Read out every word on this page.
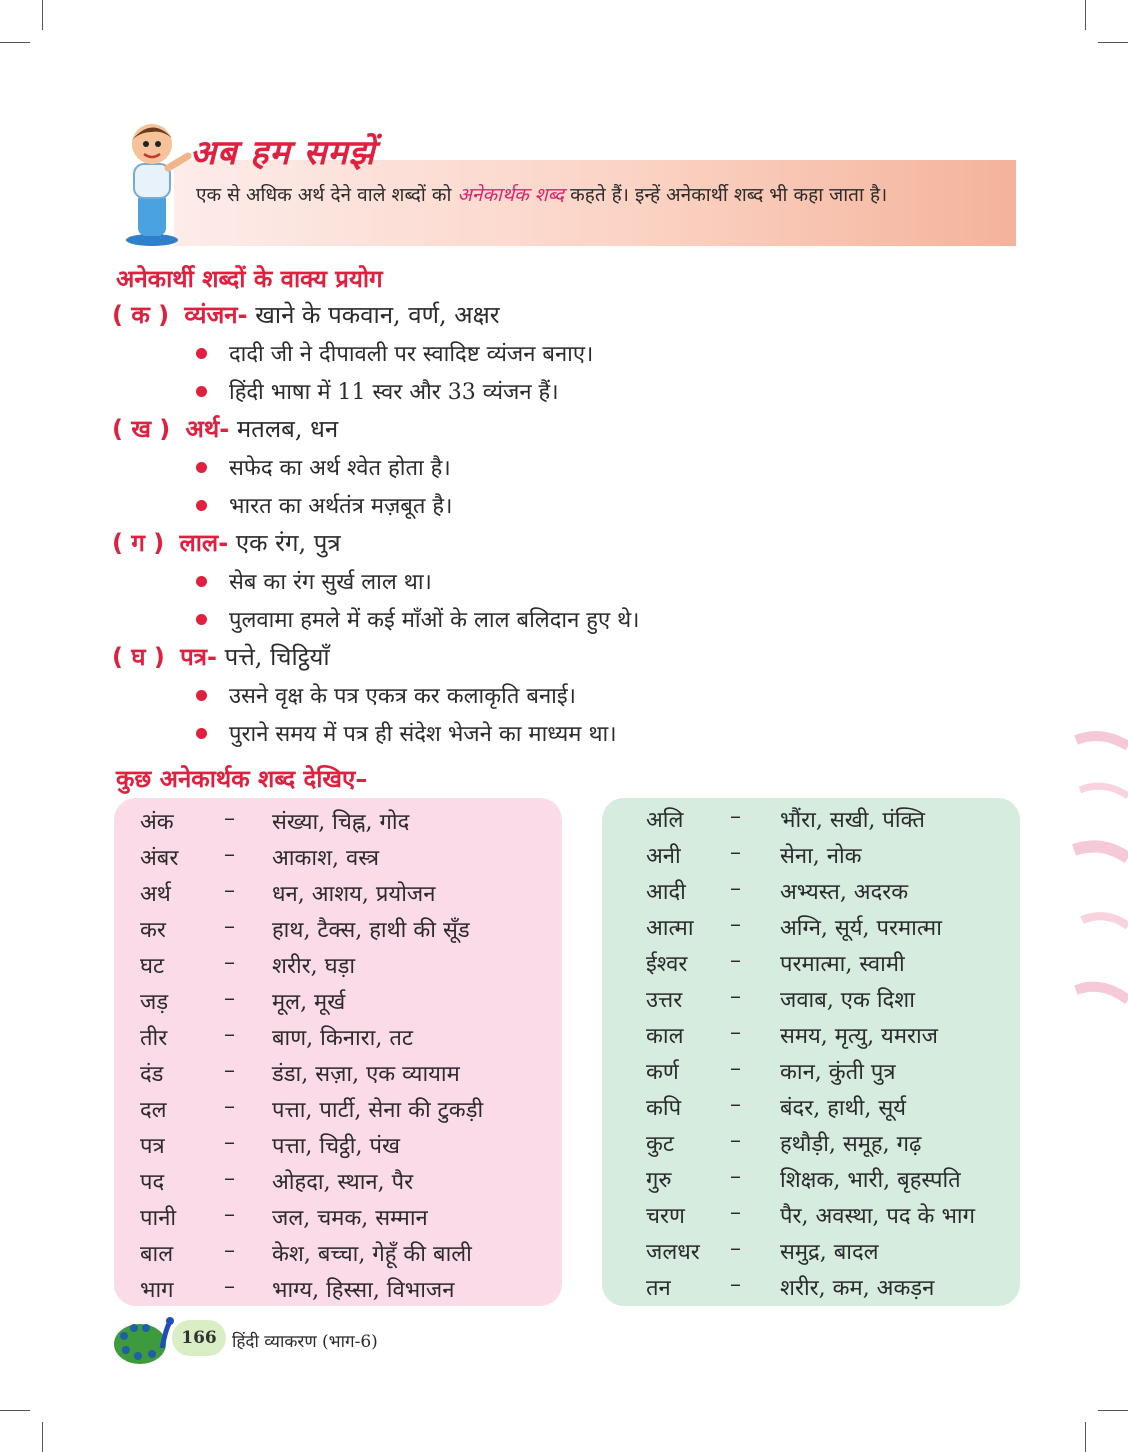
अब हम समझें
एक से अधिक अर्थ देने वाले शब्दों को अनेकार्थक शब्द कहते हैं। इन्हें अनेकार्थी शब्द भी कहा जाता है।
अनेकार्थी शब्दों के वाक्य प्रयोग
( क ) व्यंजन- खाने के पकवान, वर्ण, अक्षर
दादी जी ने दीपावली पर स्वादिष्ट व्यंजन बनाए।
हिंदी भाषा में 11 स्वर और 33 व्यंजन हैं।
( ख ) अर्थ- मतलब, धन
सफेद का अर्थ श्वेत होता है।
भारत का अर्थतंत्र मज़बूत है।
( ग ) लाल- एक रंग, पुत्र
सेब का रंग सुर्ख लाल था।
पुलवामा हमले में कई माँओं के लाल बलिदान हुए थे।
( घ ) पत्र- पत्ते, चिट्ठियाँ
उसने वृक्ष के पत्र एकत्र कर कलाकृति बनाई।
पुराने समय में पत्र ही संदेश भेजने का माध्यम था।
कुछ अनेकार्थक शब्द देखिए–
अंक – संख्या, चिह्न, गोद
अंबर – आकाश, वस्त्र
अर्थ – धन, आशय, प्रयोजन
कर	– हाथ, टैक्स, हाथी की सूँड
घट	– शरीर, घड़ा
जड़	– मूल, मूर्ख
तीर	– बाण, किनारा, तट
दंड	– डंडा, सज़ा, एक व्यायाम
दल	– पत्ता, पार्टी, सेना की टुकड़ी
पत्र	– पत्ता, चिट्ठी, पंख
पद	– ओहदा, स्थान, पैर
पानी – जल, चमक, सम्मान
बाल – केश, बच्चा, गेहूँ की बाली
भाग – भाग्य, हिस्सा, विभाजन
अलि – भौंरा, सखी, पंक्ति
अनी – सेना, नोक
आदी – अभ्यस्त, अदरक
आत्मा – अग्नि, सूर्य, परमात्मा
ईश्वर – परमात्मा, स्वामी
उत्तर – जवाब, एक दिशा
काल – समय, मृत्यु, यमराज
कर्ण – कान, कुंती पुत्र
कपि – बंदर, हाथी, सूर्य
कुट	– हथौड़ी, समूह, गढ़
गुरु	– शिक्षक, भारी, बृहस्पति
चरण – पैर, अवस्था, पद के भाग
जलधर – समुद्र, बादल
तन	– शरीर, कम, अकड़न
166 हिंदी व्याकरण (भाग-6)
